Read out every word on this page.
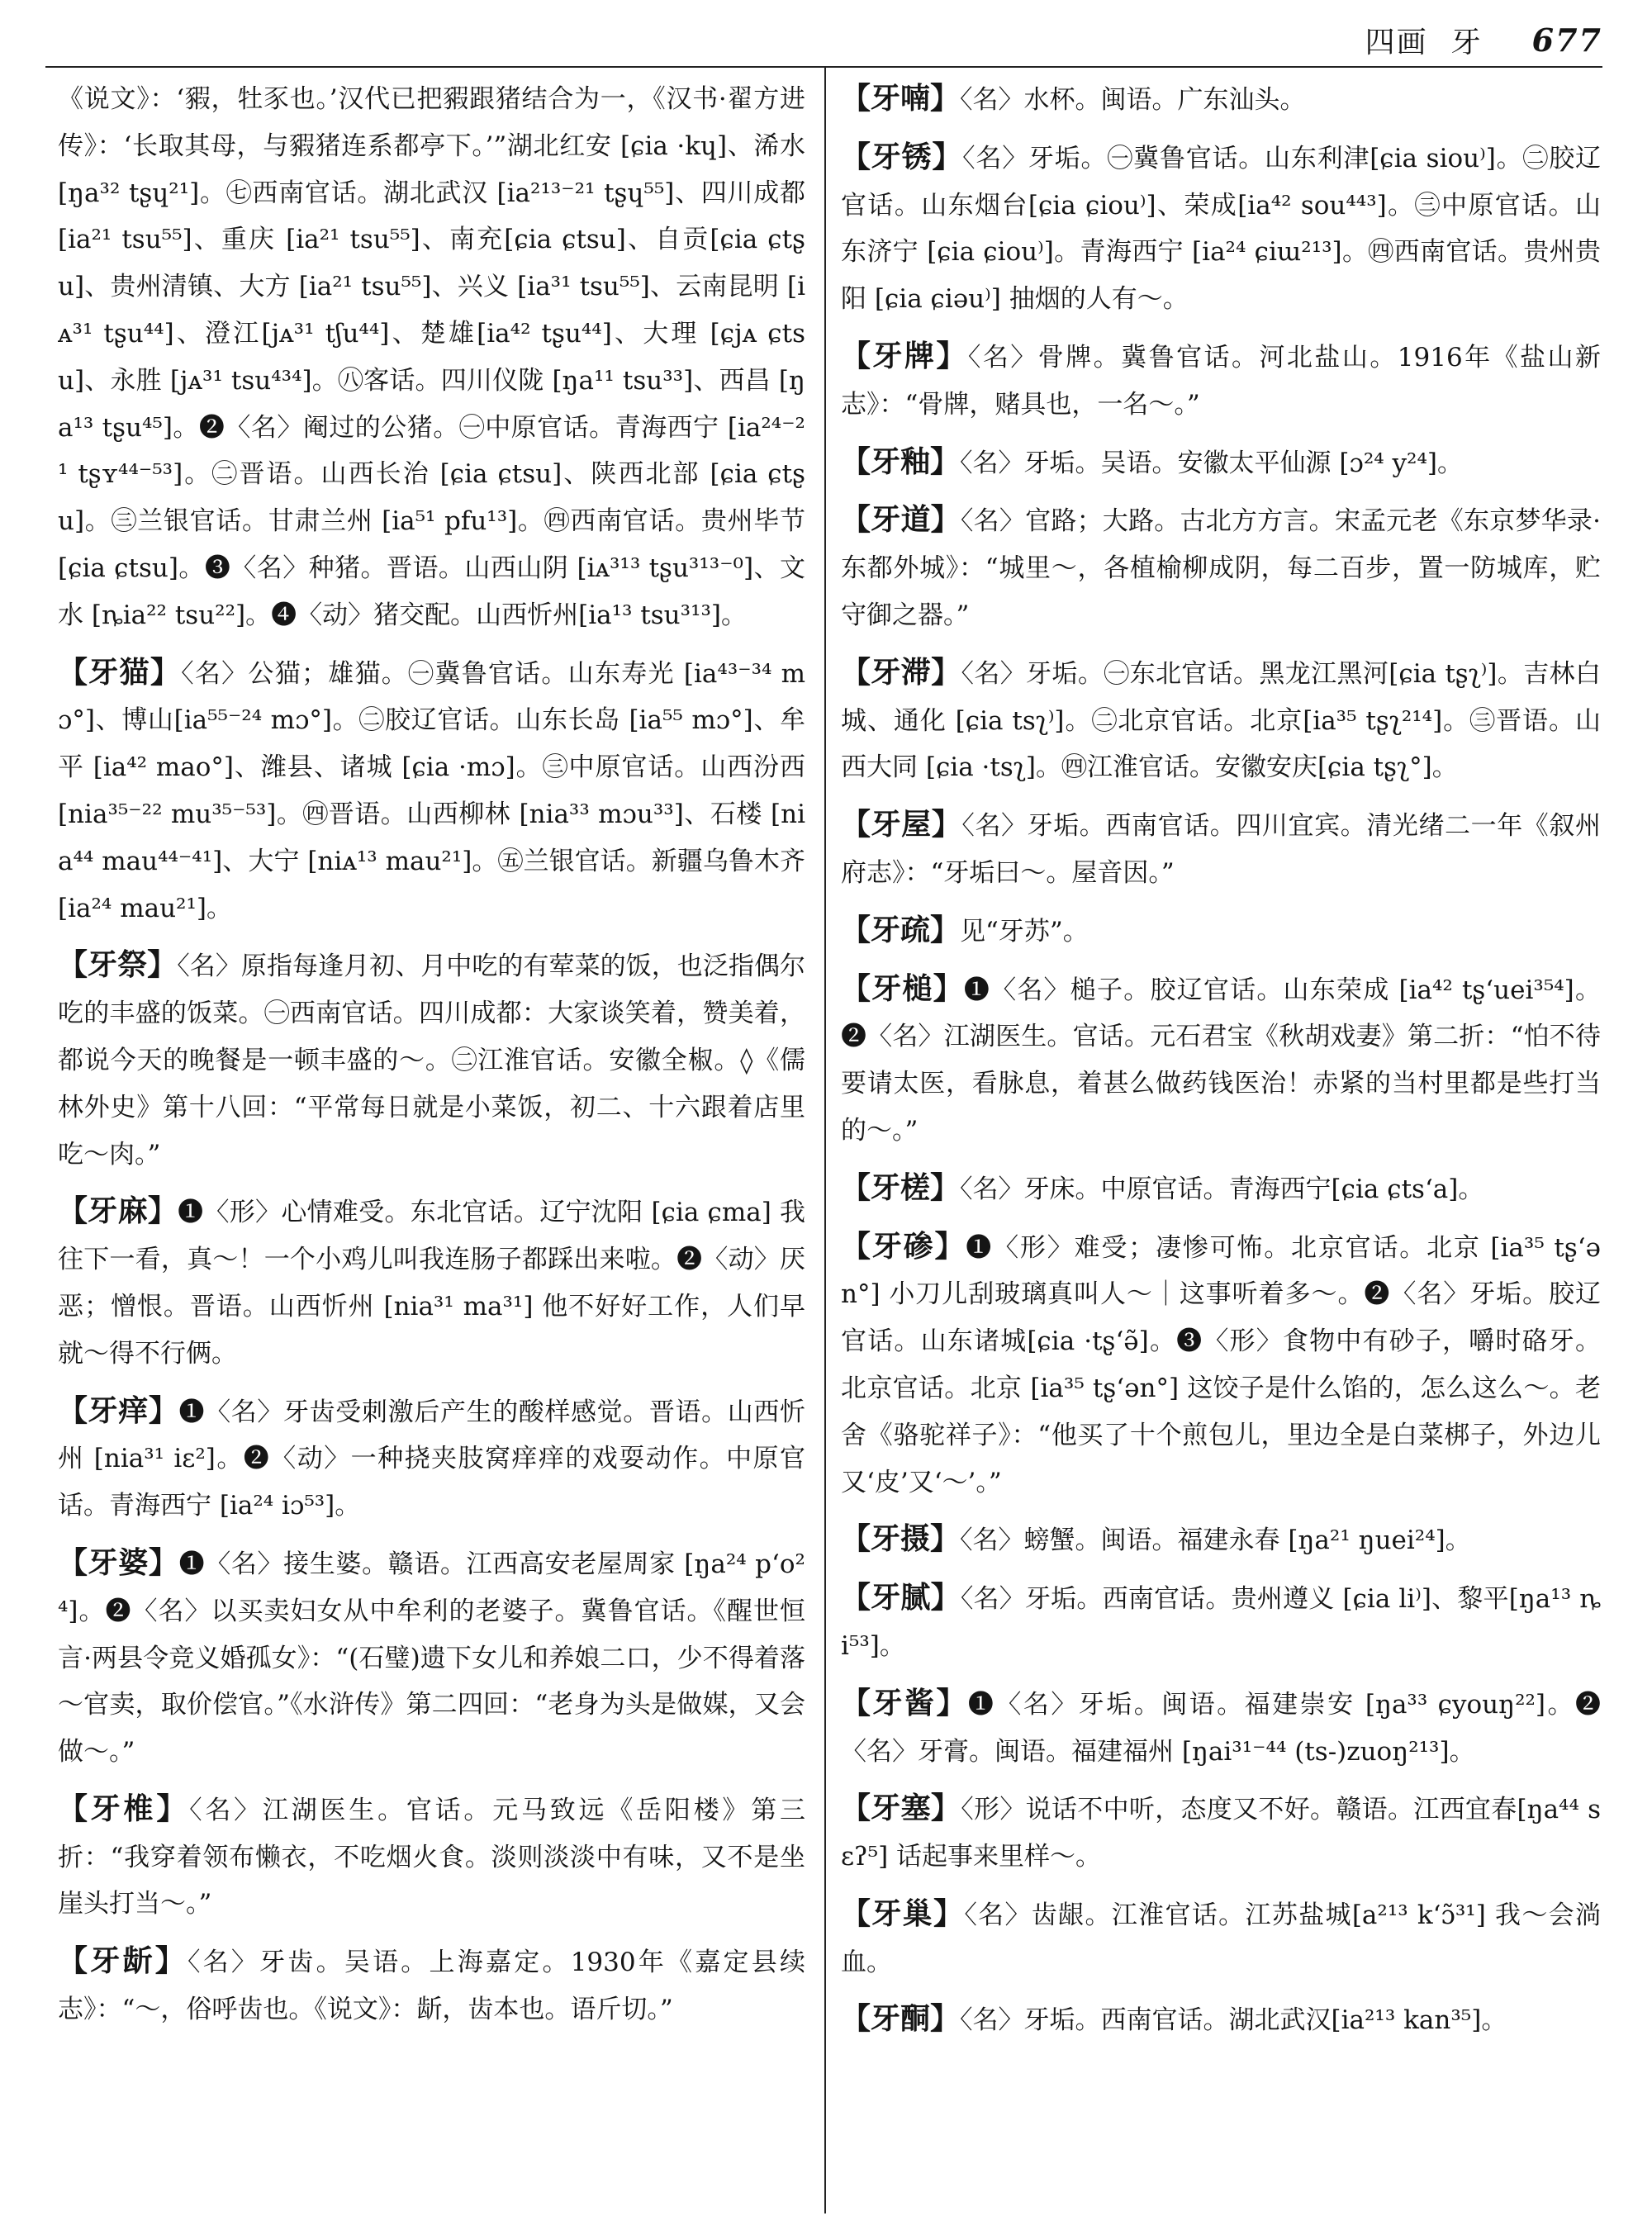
四画 牙 677
《说文》：‘豭，牡豕也。’汉代已把豭跟猪结合为一，《汉书·翟方进传》：‘长取其母，与豭猪连系都亭下。’”湖北红安 [ɕia ·kɥ]、浠水[ŋa³² tʂɥ²¹]。㊆西南官话。湖北武汉 [ia²¹³⁻²¹ tʂɥ⁵⁵]、四川成都 [ia²¹ tsu⁵⁵]、重庆 [ia²¹ tsu⁵⁵]、南充[ɕia ɕtsu]、自贡[ɕia ɕtʂu]、贵州清镇、大方 [ia²¹ tsu⁵⁵]、兴义 [ia³¹ tsu⁵⁵]、云南昆明 [iᴀ³¹ tʂu⁴⁴]、澄江[jᴀ³¹ tʃu⁴⁴]、楚雄[ia⁴² tʂu⁴⁴]、大理 [ɕjᴀ ɕtsu]、永胜 [jᴀ³¹ tsu⁴³⁴]。㊇客话。四川仪陇 [ŋa¹¹ tsu³³]、西昌 [ŋa¹³ tʂu⁴⁵]。❷〈名〉阉过的公猪。㊀中原官话。青海西宁 [ia²⁴⁻²¹ tʂʏ⁴⁴⁻⁵³]。㊁晋语。山西长治 [ɕia ɕtsu]、陕西北部 [ɕia ɕtʂu]。㊂兰银官话。甘肃兰州 [ia⁵¹ pfu¹³]。㊃西南官话。贵州毕节 [ɕia ɕtsu]。❸〈名〉种猪。晋语。山西山阴 [iᴀ³¹³ tʂu³¹³⁻⁰]、文水 [ȵia²² tsu²²]。❹〈动〉猪交配。山西忻州[ia¹³ tsu³¹³]。
【牙猫】〈名〉公猫；雄猫。㊀冀鲁官话。山东寿光 [ia⁴³⁻³⁴ mɔ°]、博山[ia⁵⁵⁻²⁴ mɔ°]。㊁胶辽官话。山东长岛 [ia⁵⁵ mɔ°]、牟平 [ia⁴² mao°]、潍县、诸城 [ɕia ·mɔ]。㊂中原官话。山西汾西[nia³⁵⁻²² mu³⁵⁻⁵³]。㊃晋语。山西柳林 [nia³³ mɔu³³]、石楼 [nia⁴⁴ mau⁴⁴⁻⁴¹]、大宁 [niᴀ¹³ mau²¹]。㊄兰银官话。新疆乌鲁木齐 [ia²⁴ mau²¹]。
【牙祭】〈名〉原指每逢月初、月中吃的有荤菜的饭，也泛指偶尔吃的丰盛的饭菜。㊀西南官话。四川成都：大家谈笑着，赞美着，都说今天的晚餐是一顿丰盛的～。㊁江淮官话。安徽全椒。◊《儒林外史》第十八回：“平常每日就是小菜饭，初二、十六跟着店里吃～肉。”
【牙麻】❶〈形〉心情难受。东北官话。辽宁沈阳 [ɕia ɕma] 我往下一看，真～！一个小鸡儿叫我连肠子都踩出来啦。❷〈动〉厌恶；憎恨。晋语。山西忻州 [nia³¹ ma³¹] 他不好好工作，人们早就～得不行俩。
【牙痒】❶〈名〉牙齿受刺激后产生的酸样感觉。晋语。山西忻州 [nia³¹ iɛ²]。❷〈动〉一种挠夹肢窝痒痒的戏耍动作。中原官话。青海西宁 [ia²⁴ iɔ⁵³]。
【牙婆】❶〈名〉接生婆。赣语。江西高安老屋周家 [ŋa²⁴ p‘o²⁴]。❷〈名〉以买卖妇女从中牟利的老婆子。冀鲁官话。《醒世恒言·两县令竞义婚孤女》：“(石璧)遗下女儿和养娘二口，少不得着落～官卖，取价偿官。”《水浒传》第二四回：“老身为头是做媒，又会做～。”
【牙椎】〈名〉江湖医生。官话。元马致远《岳阳楼》第三折：“我穿着领布懒衣，不吃烟火食。淡则淡淡中有味，又不是坐崖头打当～。”
【牙龂】〈名〉牙齿。吴语。上海嘉定。1930年《嘉定县续志》：“～，俗呼齿也。《说文》：龂，齿本也。语斤切。”
【牙喃】〈名〉水杯。闽语。广东汕头。
【牙锈】〈名〉牙垢。㊀冀鲁官话。山东利津[ɕia siou⁾]。㊁胶辽官话。山东烟台[ɕia ɕiou⁾]、荣成[ia⁴² sou⁴⁴³]。㊂中原官话。山东济宁 [ɕia ɕiou⁾]。青海西宁 [ia²⁴ ɕiɯ²¹³]。㊃西南官话。贵州贵阳 [ɕia ɕiəu⁾] 抽烟的人有～。
【牙牌】〈名〉骨牌。冀鲁官话。河北盐山。1916年《盐山新志》：“骨牌，赌具也，一名～。”
【牙釉】〈名〉牙垢。吴语。安徽太平仙源 [ɔ²⁴ y²⁴]。
【牙道】〈名〉官路；大路。古北方方言。宋孟元老《东京梦华录·东都外城》：“城里～，各植榆柳成阴，每二百步，置一防城库，贮守御之器。”
【牙滞】〈名〉牙垢。㊀东北官话。黑龙江黑河[ɕia tʂʅ⁾]。吉林白城、通化 [ɕia tsʅ⁾]。㊁北京官话。北京[ia³⁵ tʂʅ²¹⁴]。㊂晋语。山西大同 [ɕia ·tsʅ]。㊃江淮官话。安徽安庆[ɕia tʂʅ°]。
【牙屋】〈名〉牙垢。西南官话。四川宜宾。清光绪二一年《叙州府志》：“牙垢曰～。屋音因。”
【牙疏】见“牙苏”。
【牙槌】❶〈名〉槌子。胶辽官话。山东荣成 [ia⁴² tʂ‘uei³⁵⁴]。❷〈名〉江湖医生。官话。元石君宝《秋胡戏妻》第二折：“怕不待要请太医，看脉息，着甚么做药钱医治！赤紧的当村里都是些打当的～。”
【牙槎】〈名〉牙床。中原官话。青海西宁[ɕia ɕts‘a]。
【牙碜】❶〈形〉难受；凄惨可怖。北京官话。北京 [ia³⁵ tʂ‘ən°] 小刀儿刮玻璃真叫人～｜这事听着多～。❷〈名〉牙垢。胶辽官话。山东诸城[ɕia ·tʂ‘ə̃]。❸〈形〉食物中有砂子，嚼时硌牙。北京官话。北京 [ia³⁵ tʂ‘ən°] 这饺子是什么馅的，怎么这么～。老舍《骆驼祥子》：“他买了十个煎包儿，里边全是白菜梆子，外边儿又‘皮’又‘～’。”
【牙摄】〈名〉螃蟹。闽语。福建永春 [ŋa²¹ ŋuei²⁴]。
【牙腻】〈名〉牙垢。西南官话。贵州遵义 [ɕia li⁾]、黎平[ŋa¹³ ȵi⁵³]。
【牙酱】❶〈名〉牙垢。闽语。福建崇安 [ŋa³³ ɕyouŋ²²]。❷〈名〉牙膏。闽语。福建福州 [ŋai³¹⁻⁴⁴ (ts-)zuoŋ²¹³]。
【牙塞】〈形〉说话不中听，态度又不好。赣语。江西宜春[ŋa⁴⁴ sɛʔ⁵] 话起事来里样～。
【牙巢】〈名〉齿龈。江淮官话。江苏盐城[a²¹³ k‘ɔ̃³¹] 我～会淌血。
【牙酮】〈名〉牙垢。西南官话。湖北武汉[ia²¹³ kan³⁵]。
